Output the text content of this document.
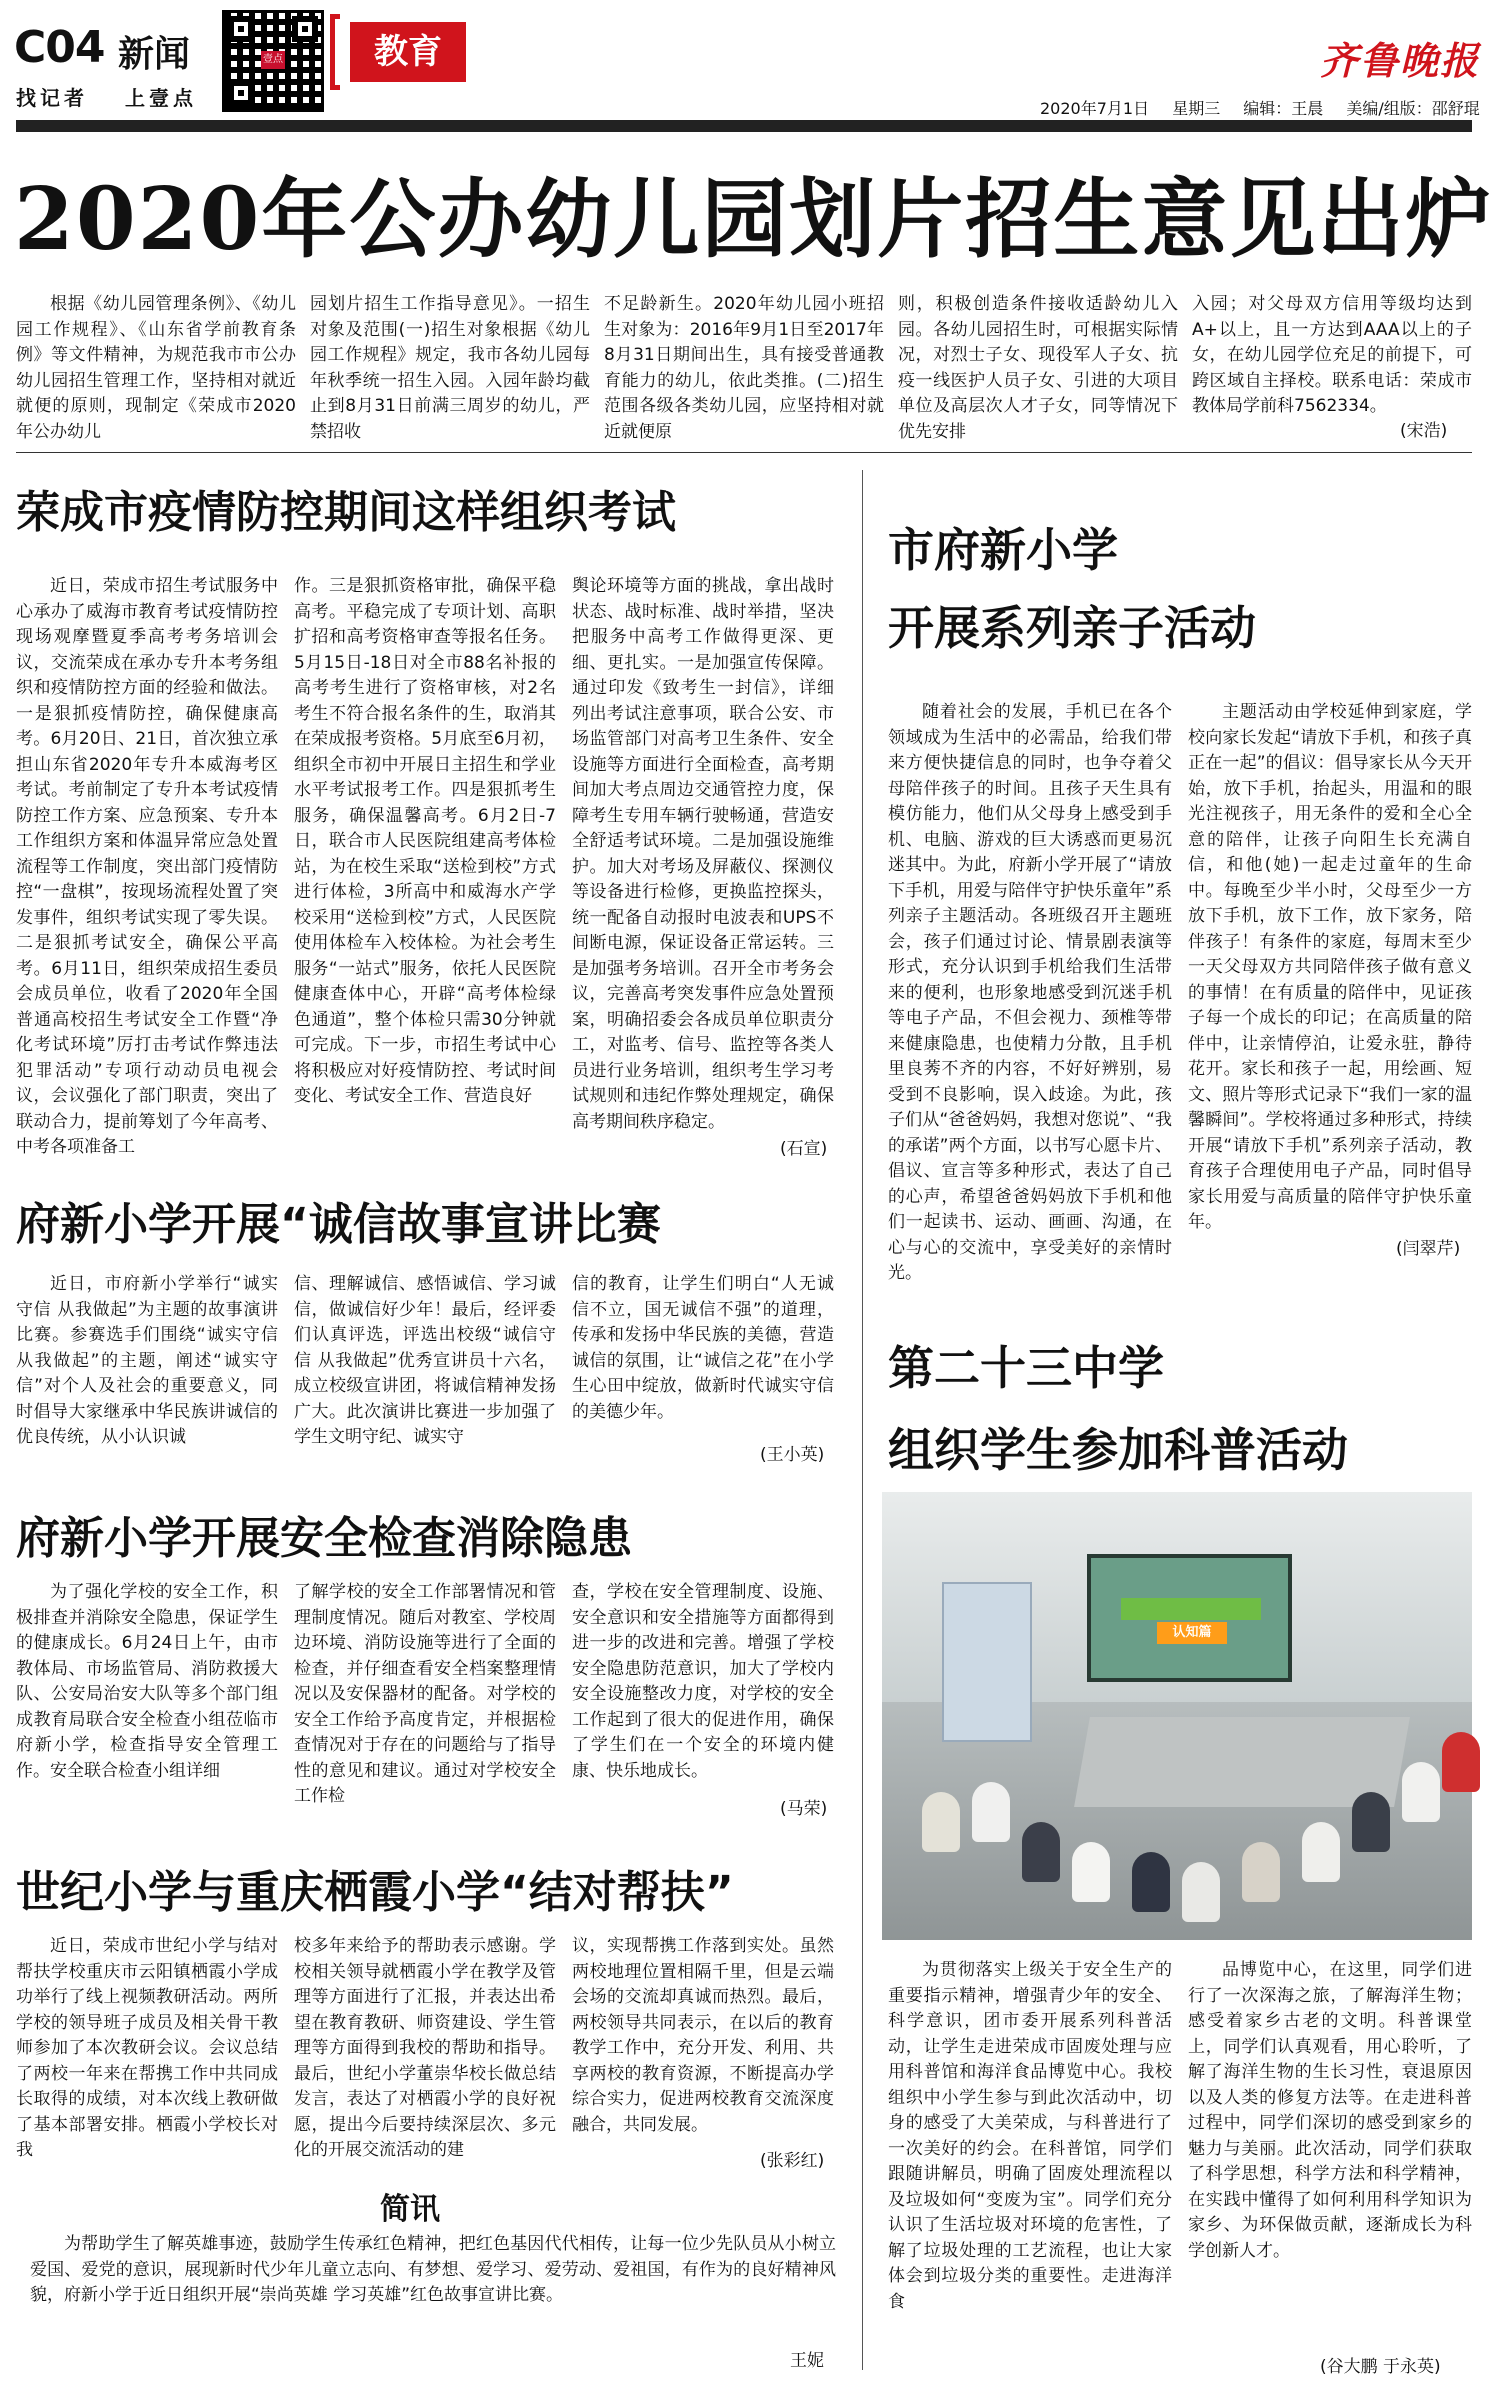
C04 新闻
找记者 上壹点
壹点	教育	齐鲁晚报
2020年7月1日 星期三 编辑：王晨 美编/组版：邵舒琨
2020年公办幼儿园划片招生意见出炉

根据《幼儿园管理条例》、《幼儿园工作规程》、《山东省学前教育条例》等文件精神，为规范我市市公办幼儿园招生管理工作，坚持相对就近就便的原则，现制定《荣成市2020年公办幼儿

园划片招生工作指导意见》。一招生对象及范围(一)招生对象根据《幼儿园工作规程》规定，我市各幼儿园每年秋季统一招生入园。入园年龄均截止到8月31日前满三周岁的幼儿，严禁招收

不足龄新生。2020年幼儿园小班招生对象为：2016年9月1日至2017年8月31日期间出生，具有接受普通教育能力的幼儿，依此类推。(二)招生范围各级各类幼儿园，应坚持相对就近就便原

则，积极创造条件接收适龄幼儿入园。各幼儿园招生时，可根据实际情况，对烈士子女、现役军人子女、抗疫一线医护人员子女、引进的大项目单位及高层次人才子女，同等情况下优先安排

入园；对父母双方信用等级均达到A+以上，且一方达到AAA以上的子女，在幼儿园学位充足的前提下，可跨区域自主择校。联系电话：荣成市教体局学前科7562334。

(宋浩)
荣成市疫情防控期间这样组织考试

近日，荣成市招生考试服务中心承办了威海市教育考试疫情防控现场观摩暨夏季高考考务培训会议，交流荣成在承办专升本考务组织和疫情防控方面的经验和做法。一是狠抓疫情防控，确保健康高考。6月20日、21日，首次独立承担山东省2020年专升本威海考区考试。考前制定了专升本考试疫情防控工作方案、应急预案、专升本工作组织方案和体温异常应急处置流程等工作制度，突出部门疫情防控“一盘棋”，按现场流程处置了突发事件，组织考试实现了零失误。二是狠抓考试安全，确保公平高考。6月11日，组织荣成招生委员会成员单位，收看了2020年全国普通高校招生考试安全工作暨“净化考试环境”厉打击考试作弊违法犯罪活动”专项行动动员电视会议，会议强化了部门职责，突出了联动合力，提前筹划了今年高考、中考各项准备工

作。三是狠抓资格审批，确保平稳高考。平稳完成了专项计划、高职扩招和高考资格审查等报名任务。5月15日-18日对全市88名补报的高考考生进行了资格审核，对2名考生不符合报名条件的生，取消其在荣成报考资格。5月底至6月初，组织全市初中开展日主招生和学业水平考试报考工作。四是狠抓考生服务，确保温馨高考。6月2日-7日，联合市人民医院组建高考体检站，为在校生采取“送检到校”方式进行体检，3所高中和威海水产学校采用“送检到校”方式，人民医院使用体检车入校体检。为社会考生服务“一站式”服务，依托人民医院健康查体中心，开辟“高考体检绿色通道”，整个体检只需30分钟就可完成。下一步，市招生考试中心将积极应对好疫情防控、考试时间变化、考试安全工作、营造良好

舆论环境等方面的挑战，拿出战时状态、战时标准、战时举措，坚决把服务中高考工作做得更深、更细、更扎实。一是加强宣传保障。通过印发《致考生一封信》，详细列出考试注意事项，联合公安、市场监管部门对高考卫生条件、安全设施等方面进行全面检查，高考期间加大考点周边交通管控力度，保障考生专用车辆行驶畅通，营造安全舒适考试环境。二是加强设施维护。加大对考场及屏蔽仪、探测仪等设备进行检修，更换监控探头，统一配备自动报时电波表和UPS不间断电源，保证设备正常运转。三是加强考务培训。召开全市考务会议，完善高考突发事件应急处置预案，明确招委会各成员单位职责分工，对监考、信号、监控等各类人员进行业务培训，组织考生学习考试规则和违纪作弊处理规定，确保高考期间秩序稳定。

(石宣)
府新小学开展“诚信故事宣讲比赛

近日，市府新小学举行“诚实守信 从我做起”为主题的故事演讲比赛。参赛选手们围绕“诚实守信 从我做起”的主题，阐述“诚实守信”对个人及社会的重要意义，同时倡导大家继承中华民族讲诚信的优良传统，从小认识诚

信、理解诚信、感悟诚信、学习诚信，做诚信好少年！最后，经评委们认真评选，评选出校级“诚信守信 从我做起”优秀宣讲员十六名，成立校级宣讲团，将诚信精神发扬广大。此次演讲比赛进一步加强了学生文明守纪、诚实守

信的教育，让学生们明白“人无诚信不立，国无诚信不强”的道理，传承和发扬中华民族的美德，营造诚信的氛围，让“诚信之花”在小学生心田中绽放，做新时代诚实守信的美德少年。

(王小英)
府新小学开展安全检查消除隐患

为了强化学校的安全工作，积极排查并消除安全隐患，保证学生的健康成长。6月24日上午，由市教体局、市场监管局、消防救援大队、公安局治安大队等多个部门组成教育局联合安全检查小组莅临市府新小学，检查指导安全管理工作。安全联合检查小组详细

了解学校的安全工作部署情况和管理制度情况。随后对教室、学校周边环境、消防设施等进行了全面的检查，并仔细查看安全档案整理情况以及安保器材的配备。对学校的安全工作给予高度肯定，并根据检查情况对于存在的问题给与了指导性的意见和建议。通过对学校安全工作检

查，学校在安全管理制度、设施、安全意识和安全措施等方面都得到进一步的改进和完善。增强了学校安全隐患防范意识，加大了学校内安全设施整改力度，对学校的安全工作起到了很大的促进作用，确保了学生们在一个安全的环境内健康、快乐地成长。

(马荣)
世纪小学与重庆栖霞小学“结对帮扶”

近日，荣成市世纪小学与结对帮扶学校重庆市云阳镇栖霞小学成功举行了线上视频教研活动。两所学校的领导班子成员及相关骨干教师参加了本次教研会议。会议总结了两校一年来在帮携工作中共同成长取得的成绩，对本次线上教研做了基本部署安排。栖霞小学校长对我

校多年来给予的帮助表示感谢。学校相关领导就栖霞小学在教学及管理等方面进行了汇报，并表达出希望在教育教研、师资建设、学生管理等方面得到我校的帮助和指导。最后，世纪小学董崇华校长做总结发言，表达了对栖霞小学的良好祝愿，提出今后要持续深层次、多元化的开展交流活动的建

议，实现帮携工作落到实处。虽然两校地理位置相隔千里，但是云端会场的交流却真诚而热烈。最后，两校领导共同表示，在以后的教育教学工作中，充分开发、利用、共享两校的教育资源，不断提高办学综合实力，促进两校教育交流深度融合，共同发展。

(张彩红)
简讯

为帮助学生了解英雄事迹，鼓励学生传承红色精神，把红色基因代代相传，让每一位少先队员从小树立爱国、爱党的意识，展现新时代少年儿童立志向、有梦想、爱学习、爱劳动、爱祖国，有作为的良好精神风貌，府新小学于近日组织开展“崇尚英雄 学习英雄”红色故事宣讲比赛。

王妮
市府新小学
开展系列亲子活动

随着社会的发展，手机已在各个领域成为生活中的必需品，给我们带来方便快捷信息的同时，也争夺着父母陪伴孩子的时间。且孩子天生具有模仿能力，他们从父母身上感受到手机、电脑、游戏的巨大诱惑而更易沉迷其中。为此，府新小学开展了“请放下手机，用爱与陪伴守护快乐童年”系列亲子主题活动。各班级召开主题班会，孩子们通过讨论、情景剧表演等形式，充分认识到手机给我们生活带来的便利，也形象地感受到沉迷手机等电子产品，不但会视力、颈椎等带来健康隐患，也使精力分散，且手机里良莠不齐的内容，不好好辨别，易受到不良影响，误入歧途。为此，孩子们从“爸爸妈妈，我想对您说”、“我的承诺”两个方面，以书写心愿卡片、倡议、宣言等多种形式，表达了自己的心声，希望爸爸妈妈放下手机和他们一起读书、运动、画画、沟通，在心与心的交流中，享受美好的亲情时光。

主题活动由学校延伸到家庭，学校向家长发起“请放下手机，和孩子真正在一起”的倡议：倡导家长从今天开始，放下手机，抬起头，用温和的眼光注视孩子，用无条件的爱和全心全意的陪伴，让孩子向阳生长充满自信，和他(她)一起走过童年的生命中。每晚至少半小时，父母至少一方放下手机，放下工作，放下家务，陪伴孩子！有条件的家庭，每周末至少一天父母双方共同陪伴孩子做有意义的事情！在有质量的陪伴中，见证孩子每一个成长的印记；在高质量的陪伴中，让亲情停泊，让爱永驻，静待花开。家长和孩子一起，用绘画、短文、照片等形式记录下“我们一家的温馨瞬间”。学校将通过多种形式，持续开展“请放下手机”系列亲子活动，教育孩子合理使用电子产品，同时倡导家长用爱与高质量的陪伴守护快乐童年。

(闫翠芹)
第二十三中学
组织学生参加科普活动
认知篇

为贯彻落实上级关于安全生产的重要指示精神，增强青少年的安全、科学意识，团市委开展系列科普活动，让学生走进荣成市固废处理与应用科普馆和海洋食品博览中心。我校组织中小学生参与到此次活动中，切身的感受了大美荣成，与科普进行了一次美好的约会。在科普馆，同学们跟随讲解员，明确了固废处理流程以及垃圾如何“变废为宝”。同学们充分认识了生活垃圾对环境的危害性，了解了垃圾处理的工艺流程，也让大家体会到垃圾分类的重要性。走进海洋食

品博览中心，在这里，同学们进行了一次深海之旅，了解海洋生物；感受着家乡古老的文明。科普课堂上，同学们认真观看，用心聆听，了解了海洋生物的生长习性，衰退原因以及人类的修复方法等。在走进科普过程中，同学们深切的感受到家乡的魅力与美丽。此次活动，同学们获取了科学思想，科学方法和科学精神，在实践中懂得了如何利用科学知识为家乡、为环保做贡献，逐渐成长为科学创新人才。

(谷大鹏 于永英)
